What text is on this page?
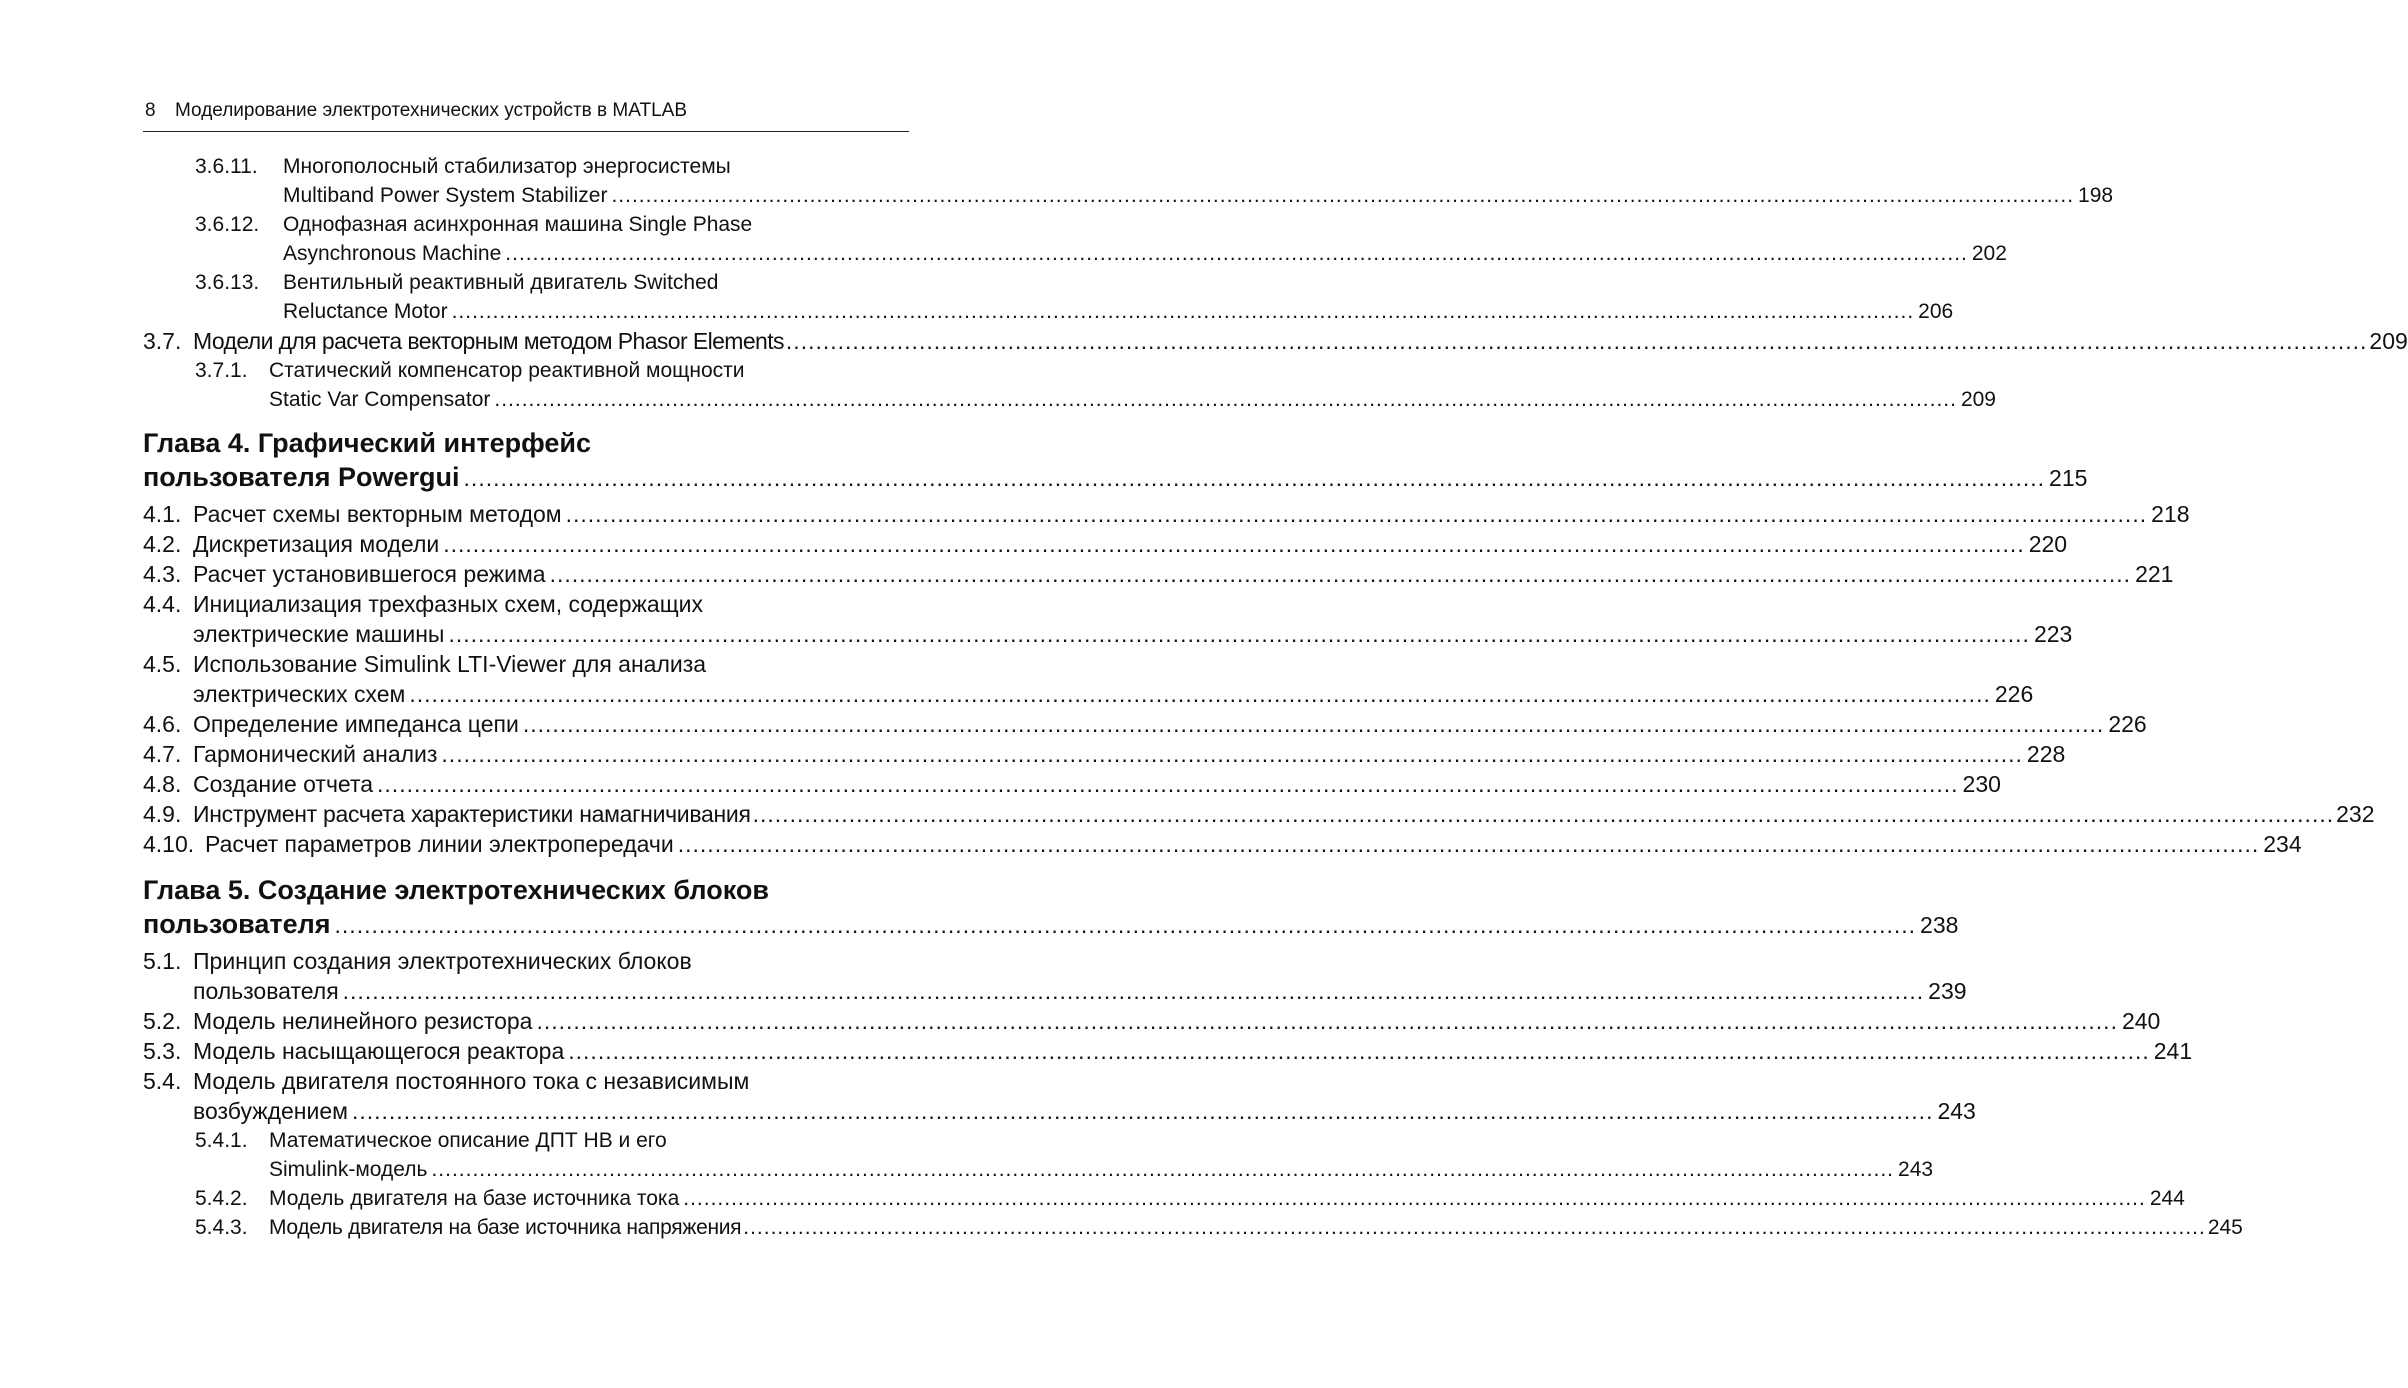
8	Моделирование электротехнических устройств в MATLAB
3.6.11.	Многополосный стабилизатор энергосистемы
Multiband Power System Stabilizer .....	198
3.6.12.	Однофазная асинхронная машина Single Phase
Asynchronous Machine .....	202
3.6.13.	Вентильный реактивный двигатель Switched
Reluctance Motor .....	206
3.7. Модели для расчета векторным методом Phasor Elements .....	209
3.7.1.	Статический компенсатор реактивной мощности
Static Var Compensator .....	209
Глава 4. Графический интерфейс
пользователя Powergui .....	215
4.1. Расчет схемы векторным методом .....	218
4.2. Дискретизация модели .....	220
4.3. Расчет установившегося режима .....	221
4.4. Инициализация трехфазных схем, содержащих
электрические машины .....	223
4.5. Использование Simulink LTI-Viewer для анализа
электрических схем .....	226
4.6. Определение импеданса цепи .....	226
4.7. Гармонический анализ .....	228
4.8. Создание отчета .....	230
4.9. Инструмент расчета характеристики намагничивания .....	232
4.10. Расчет параметров линии электропередачи .....	234
Глава 5. Создание электротехнических блоков
пользователя .....	238
5.1. Принцип создания электротехнических блоков
пользователя .....	239
5.2. Модель нелинейного резистора .....	240
5.3. Модель насыщающегося реактора .....	241
5.4. Модель двигателя постоянного тока с независимым
возбуждением .....	243
5.4.1.	Математическое описание ДПТ НВ и его
Simulink-модель .....	243
5.4.2.	Модель двигателя на базе источника тока .....	244
5.4.3.	Модель двигателя на базе источника напряжения .....	245
